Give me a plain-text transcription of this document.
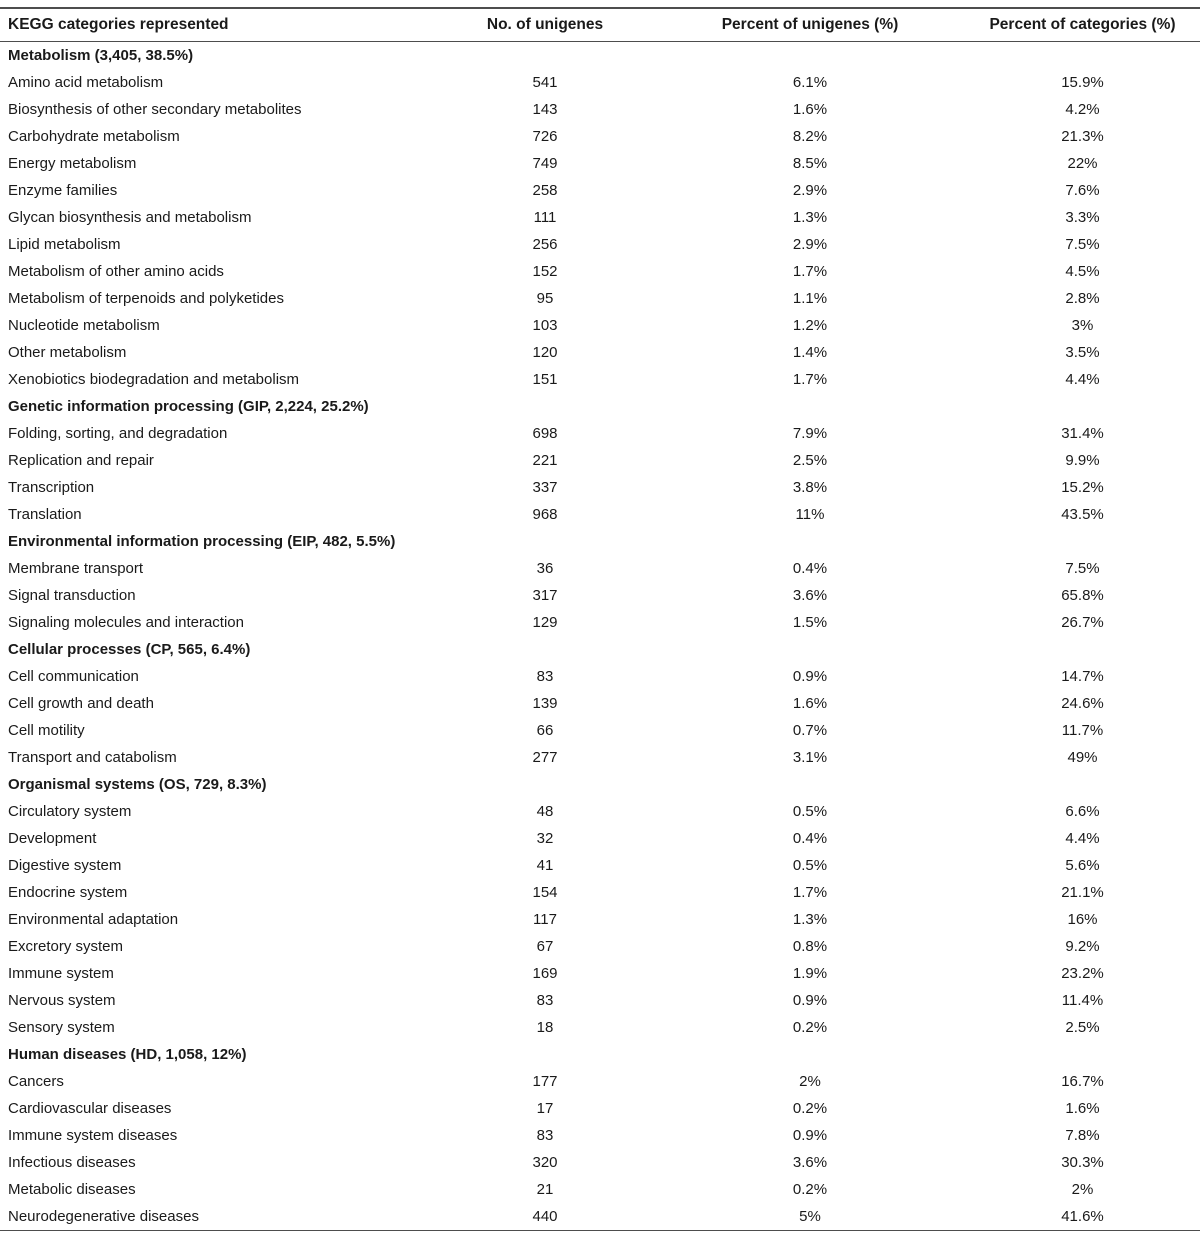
KEGG categories represented	No. of unigenes	Percent of unigenes (%)	Percent of categories (%)
Metabolism (3,405, 38.5%)
Amino acid metabolism	541	6.1%	15.9%
Biosynthesis of other secondary metabolites	143	1.6%	4.2%
Carbohydrate metabolism	726	8.2%	21.3%
Energy metabolism	749	8.5%	22%
Enzyme families	258	2.9%	7.6%
Glycan biosynthesis and metabolism	111	1.3%	3.3%
Lipid metabolism	256	2.9%	7.5%
Metabolism of other amino acids	152	1.7%	4.5%
Metabolism of terpenoids and polyketides	95	1.1%	2.8%
Nucleotide metabolism	103	1.2%	3%
Other metabolism	120	1.4%	3.5%
Xenobiotics biodegradation and metabolism	151	1.7%	4.4%
Genetic information processing (GIP, 2,224, 25.2%)
Folding, sorting, and degradation	698	7.9%	31.4%
Replication and repair	221	2.5%	9.9%
Transcription	337	3.8%	15.2%
Translation	968	11%	43.5%
Environmental information processing (EIP, 482, 5.5%)
Membrane transport	36	0.4%	7.5%
Signal transduction	317	3.6%	65.8%
Signaling molecules and interaction	129	1.5%	26.7%
Cellular processes (CP, 565, 6.4%)
Cell communication	83	0.9%	14.7%
Cell growth and death	139	1.6%	24.6%
Cell motility	66	0.7%	11.7%
Transport and catabolism	277	3.1%	49%
Organismal systems (OS, 729, 8.3%)
Circulatory system	48	0.5%	6.6%
Development	32	0.4%	4.4%
Digestive system	41	0.5%	5.6%
Endocrine system	154	1.7%	21.1%
Environmental adaptation	117	1.3%	16%
Excretory system	67	0.8%	9.2%
Immune system	169	1.9%	23.2%
Nervous system	83	0.9%	11.4%
Sensory system	18	0.2%	2.5%
Human diseases (HD, 1,058, 12%)
Cancers	177	2%	16.7%
Cardiovascular diseases	17	0.2%	1.6%
Immune system diseases	83	0.9%	7.8%
Infectious diseases	320	3.6%	30.3%
Metabolic diseases	21	0.2%	2%
Neurodegenerative diseases	440	5%	41.6%
